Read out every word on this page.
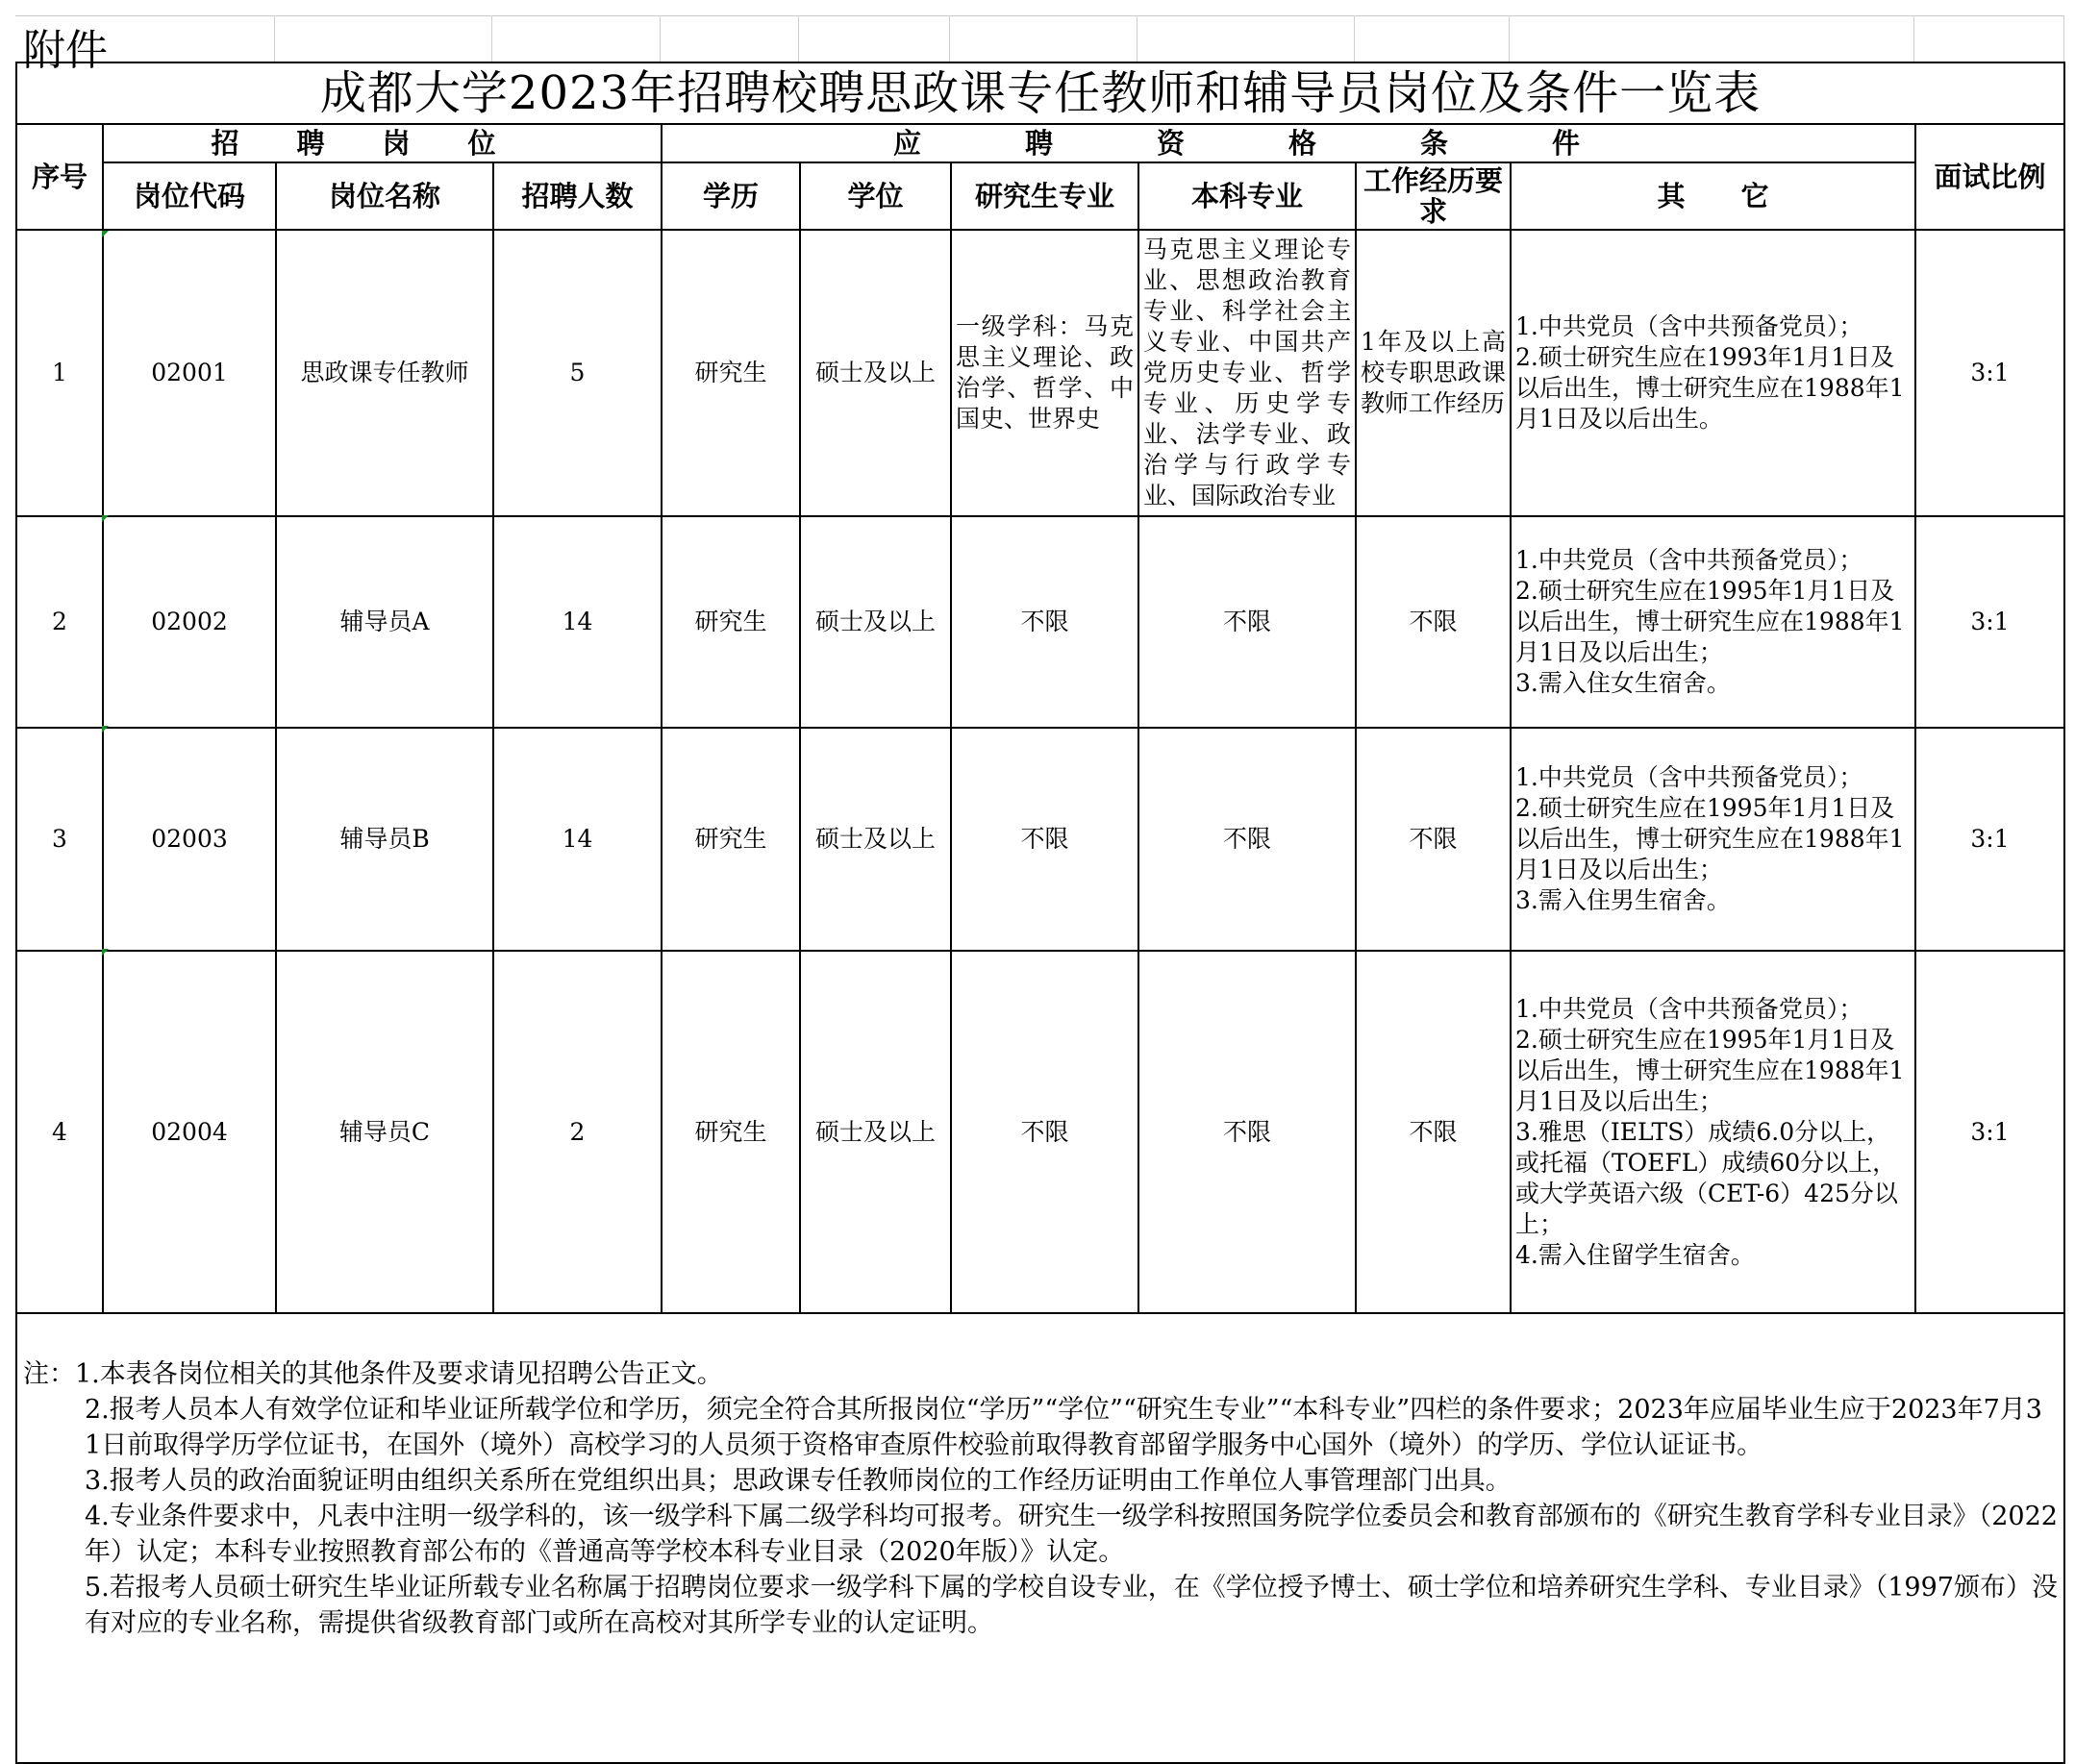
附件
成都大学2023年招聘校聘思政课专任教师和辅导员岗位及条件一览表										
序号	招聘岗位			应聘资格条件						面试比例
	岗位代码	岗位名称	招聘人数	学历	学位	研究生专业	本科专业	工作经历要求	其　　它	
1	02001	思政课专任教师	5	研究生	硕士及以上	一级学科：马克思主义理论、政治学、哲学、中国史、世界史	马克思主义理论专业、思想政治教育专业、科学社会主义专业、中国共产党历史专业、哲学专业、历史学专业、法学专业、政治学与行政学专业、国际政治专业	1年及以上高校专职思政课教师工作经历	1.中共党员（含中共预备党员）；
2.硕士研究生应在1993年1月1日及以后出生，博士研究生应在1988年1月1日及以后出生。	3:1
2	02002	辅导员A	14	研究生	硕士及以上	不限	不限	不限	1.中共党员（含中共预备党员）；
2.硕士研究生应在1995年1月1日及以后出生，博士研究生应在1988年1月1日及以后出生；
3.需入住女生宿舍。	3:1
3	02003	辅导员B	14	研究生	硕士及以上	不限	不限	不限	1.中共党员（含中共预备党员）；
2.硕士研究生应在1995年1月1日及以后出生，博士研究生应在1988年1月1日及以后出生；
3.需入住男生宿舍。	3:1
4	02004	辅导员C	2	研究生	硕士及以上	不限	不限	不限	1.中共党员（含中共预备党员）；
2.硕士研究生应在1995年1月1日及以后出生，博士研究生应在1988年1月1日及以后出生；
3.雅思（IELTS）成绩6.0分以上，或托福（TOEFL）成绩60分以上，或大学英语六级（CET-6）425分以上；
4.需入住留学生宿舍。	3:1

注：1.本表各岗位相关的其他条件及要求请见招聘公告正文。
2.报考人员本人有效学位证和毕业证所载学位和学历，须完全符合其所报岗位“学历”“学位”“研究生专业”“本科专业”四栏的条件要求；2023年应届毕业生应于2023年7月31日前取得学历学位证书，在国外（境外）高校学习的人员须于资格审查原件校验前取得教育部留学服务中心国外（境外）的学历、学位认证证书。
3.报考人员的政治面貌证明由组织关系所在党组织出具；思政课专任教师岗位的工作经历证明由工作单位人事管理部门出具。
4.专业条件要求中，凡表中注明一级学科的，该一级学科下属二级学科均可报考。研究生一级学科按照国务院学位委员会和教育部颁布的《研究生教育学科专业目录》（2022年）认定；本科专业按照教育部公布的《普通高等学校本科专业目录（2020年版）》认定。
5.若报考人员硕士研究生毕业证所载专业名称属于招聘岗位要求一级学科下属的学校自设专业，在《学位授予博士、硕士学位和培养研究生学科、专业目录》（1997颁布）没有对应的专业名称，需提供省级教育部门或所在高校对其所学专业的认定证明。										
